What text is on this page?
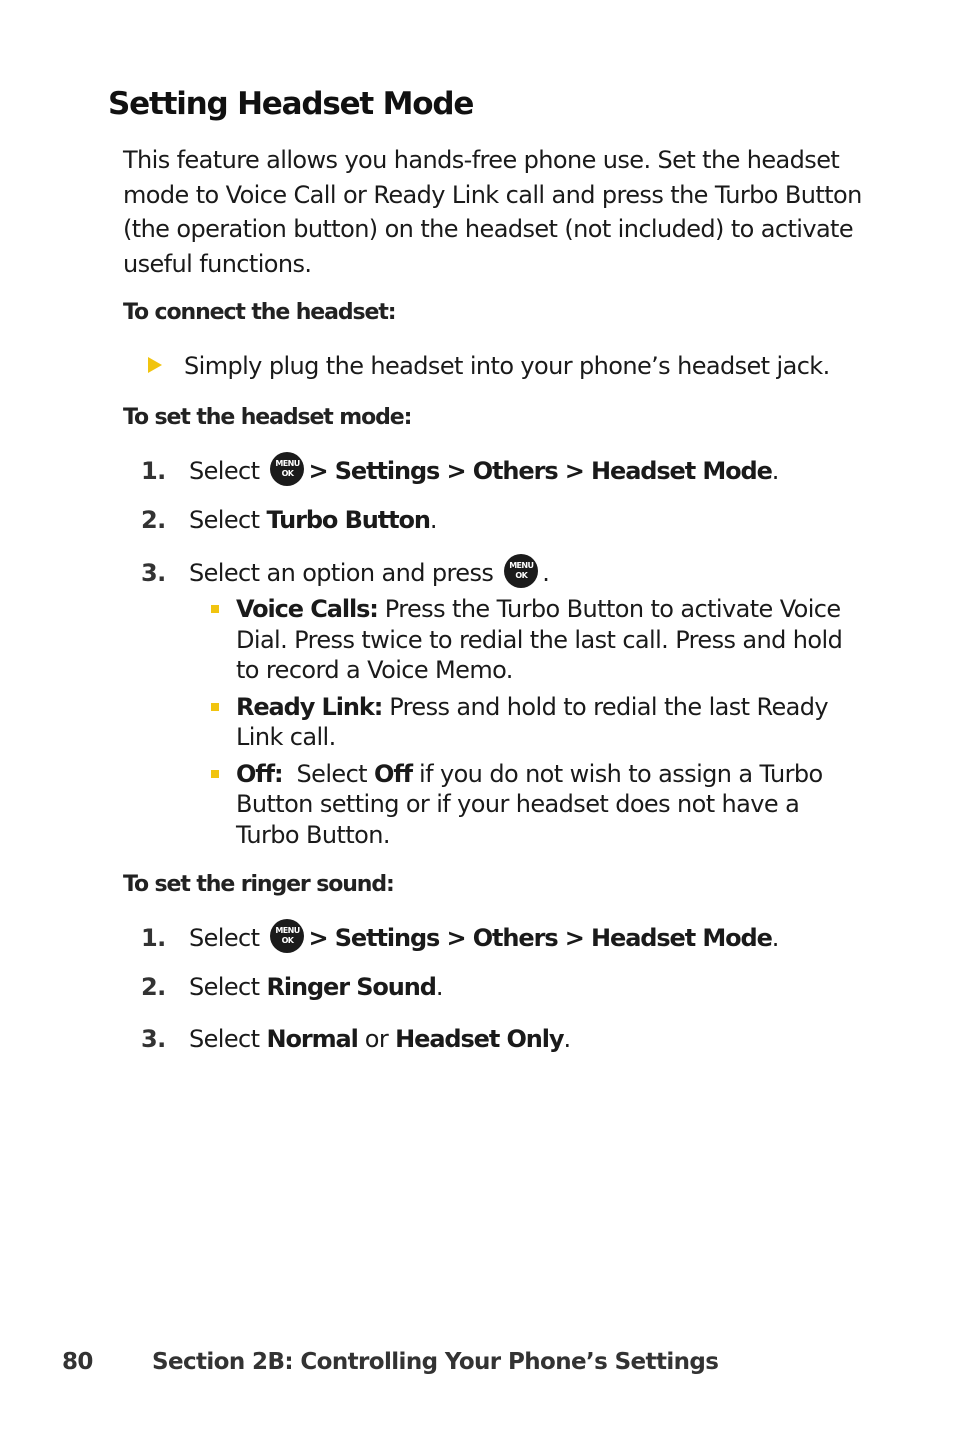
Setting Headset Mode

This feature allows you hands-free phone use. Set the headset mode to Voice Call or Ready Link call and press the Turbo Button (the operation button) on the headset (not included) to activate useful functions.

To connect the headset:

Simply plug the headset into your phone’s headset jack.

To set the headset mode:

1. Select	MENU
OK > Settings > Others > Headset Mode.
2. Select Turbo Button.
3. Select an option and press	MENU
OK .
Voice Calls: Press the Turbo Button to activate Voice Dial. Press twice to redial the last call. Press and hold to record a Voice Memo.
Ready Link: Press and hold to redial the last Ready Link call.
Off:  Select Off if you do not wish to assign a Turbo Button setting or if your headset does not have a Turbo Button.

To set the ringer sound:

1. Select	MENU
OK > Settings > Others > Headset Mode.
2. Select Ringer Sound.
3. Select Normal or Headset Only.
80	Section 2B: Controlling Your Phone’s Settings
